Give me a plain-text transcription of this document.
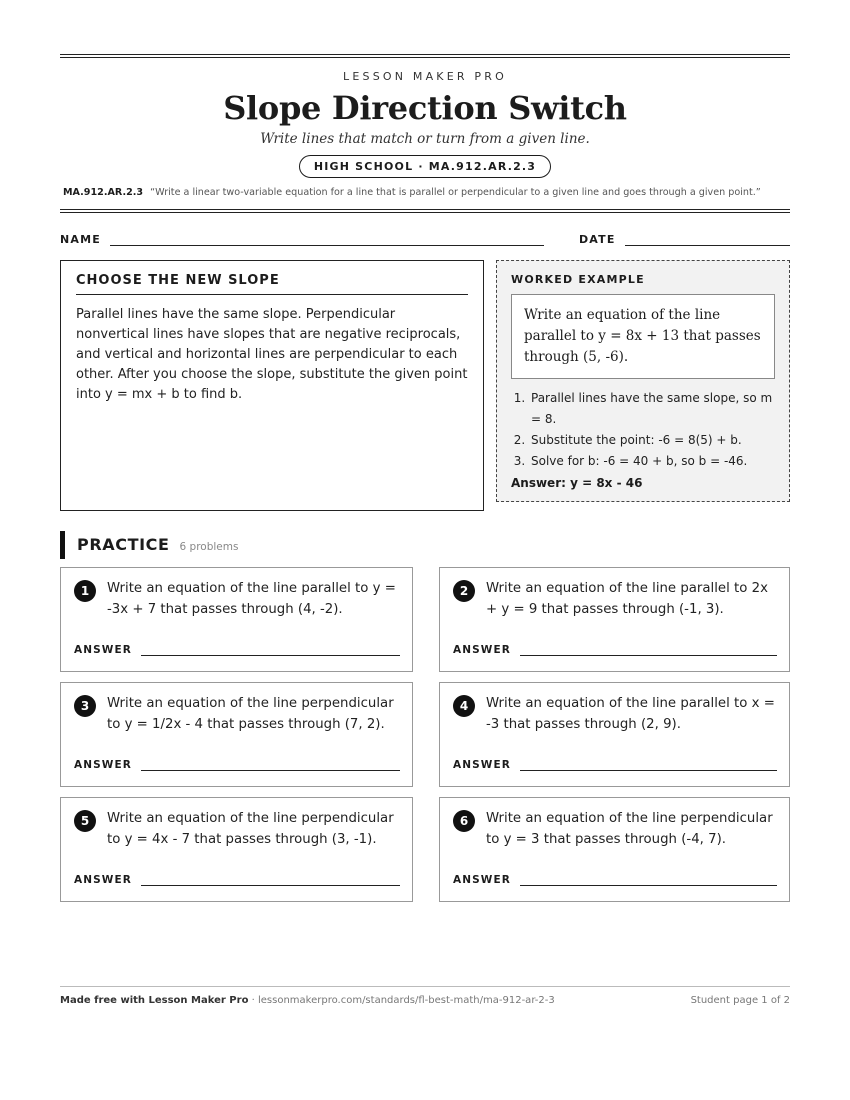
LESSON MAKER PRO
Slope Direction Switch
Write lines that match or turn from a given line.
HIGH SCHOOL · MA.912.AR.2.3
MA.912.AR.2.3 “Write a linear two-variable equation for a line that is parallel or perpendicular to a given line and goes through a given point.”
NAME	DATE
CHOOSE THE NEW SLOPE
Parallel lines have the same slope. Perpendicular nonvertical lines have slopes that are negative reciprocals, and vertical and horizontal lines are perpendicular to each other. After you choose the slope, substitute the given point into y = mx + b to find b.
WORKED EXAMPLE
Write an equation of the line parallel to y = 8x + 13 that passes through (5, -6).
1. Parallel lines have the same slope, so m = 8.
2. Substitute the point: -6 = 8(5) + b.
3. Solve for b: -6 = 40 + b, so b = -46.
Answer: y = 8x - 46
PRACTICE 6 problems
1	Write an equation of the line parallel to y = -3x + 7 that passes through (4, -2).
ANSWER
2	Write an equation of the line parallel to 2x + y = 9 that passes through (-1, 3).
ANSWER
3	Write an equation of the line perpendicular to y = 1/2x - 4 that passes through (7, 2).
ANSWER
4	Write an equation of the line parallel to x = -3 that passes through (2, 9).
ANSWER
5	Write an equation of the line perpendicular to y = 4x - 7 that passes through (3, -1).
ANSWER
6	Write an equation of the line perpendicular to y = 3 that passes through (-4, 7).
ANSWER
Made free with Lesson Maker Pro · lessonmakerpro.com/standards/fl-best-math/ma-912-ar-2-3	Student page 1 of 2
